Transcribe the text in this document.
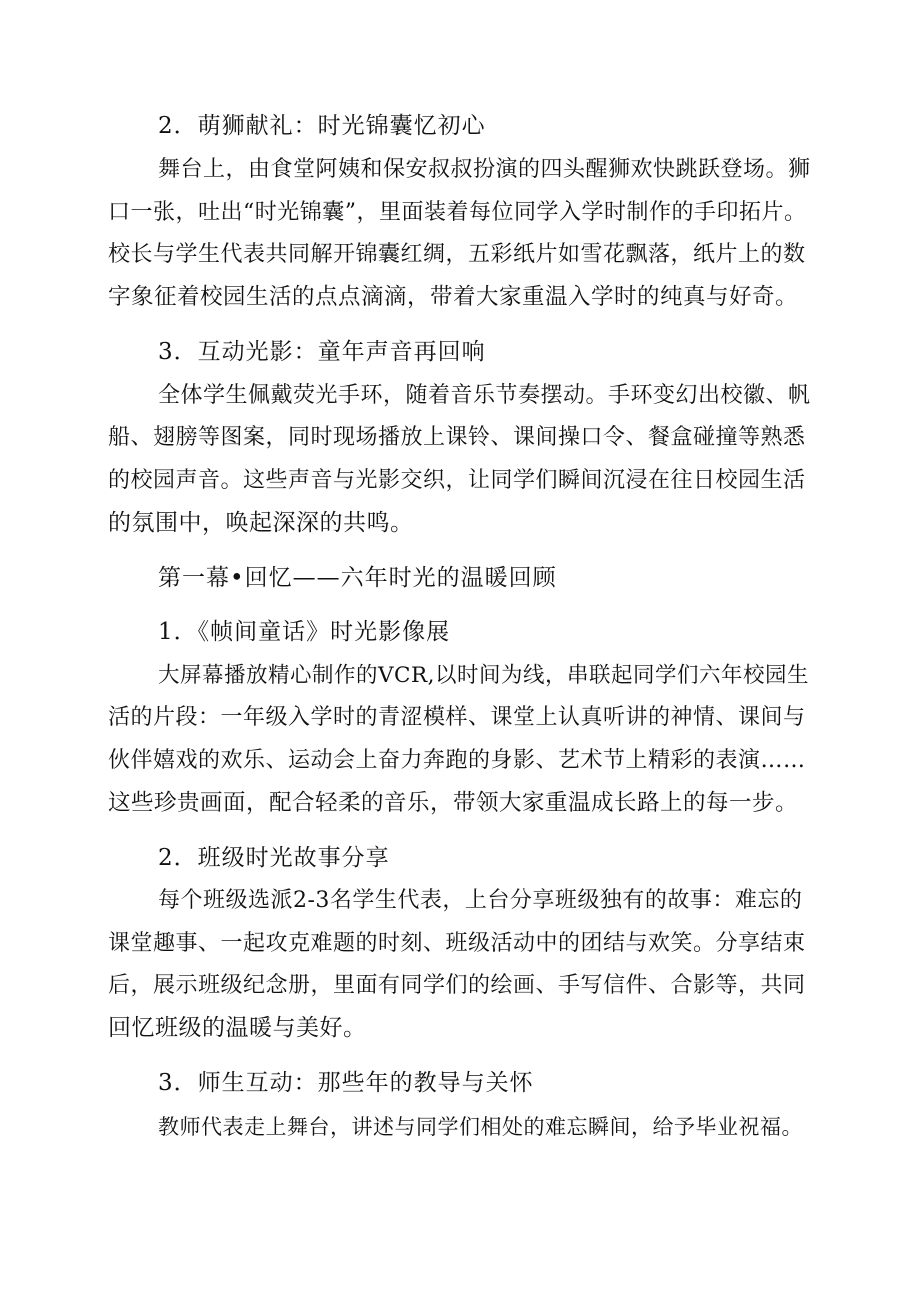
2．萌狮献礼：时光锦囊忆初心
舞台上，由食堂阿姨和保安叔叔扮演的四头醒狮欢快跳跃登场。狮
口一张，吐出“时光锦囊”，里面装着每位同学入学时制作的手印拓片。
校长与学生代表共同解开锦囊红绸，五彩纸片如雪花飘落，纸片上的数
字象征着校园生活的点点滴滴，带着大家重温入学时的纯真与好奇。
3．互动光影：童年声音再回响
全体学生佩戴荧光手环，随着音乐节奏摆动。手环变幻出校徽、帆
船、翅膀等图案，同时现场播放上课铃、课间操口令、餐盒碰撞等熟悉
的校园声音。这些声音与光影交织，让同学们瞬间沉浸在往日校园生活
的氛围中，唤起深深的共鸣。
第一幕•回忆——六年时光的温暖回顾
1．《帧间童话》时光影像展
大屏幕播放精心制作的VCR,以时间为线，串联起同学们六年校园生
活的片段：一年级入学时的青涩模样、课堂上认真听讲的神情、课间与
伙伴嬉戏的欢乐、运动会上奋力奔跑的身影、艺术节上精彩的表演……
这些珍贵画面，配合轻柔的音乐，带领大家重温成长路上的每一步。
2．班级时光故事分享
每个班级选派2-3名学生代表，上台分享班级独有的故事：难忘的
课堂趣事、一起攻克难题的时刻、班级活动中的团结与欢笑。分享结束
后，展示班级纪念册，里面有同学们的绘画、手写信件、合影等，共同
回忆班级的温暖与美好。
3．师生互动：那些年的教导与关怀
教师代表走上舞台，讲述与同学们相处的难忘瞬间，给予毕业祝福。
